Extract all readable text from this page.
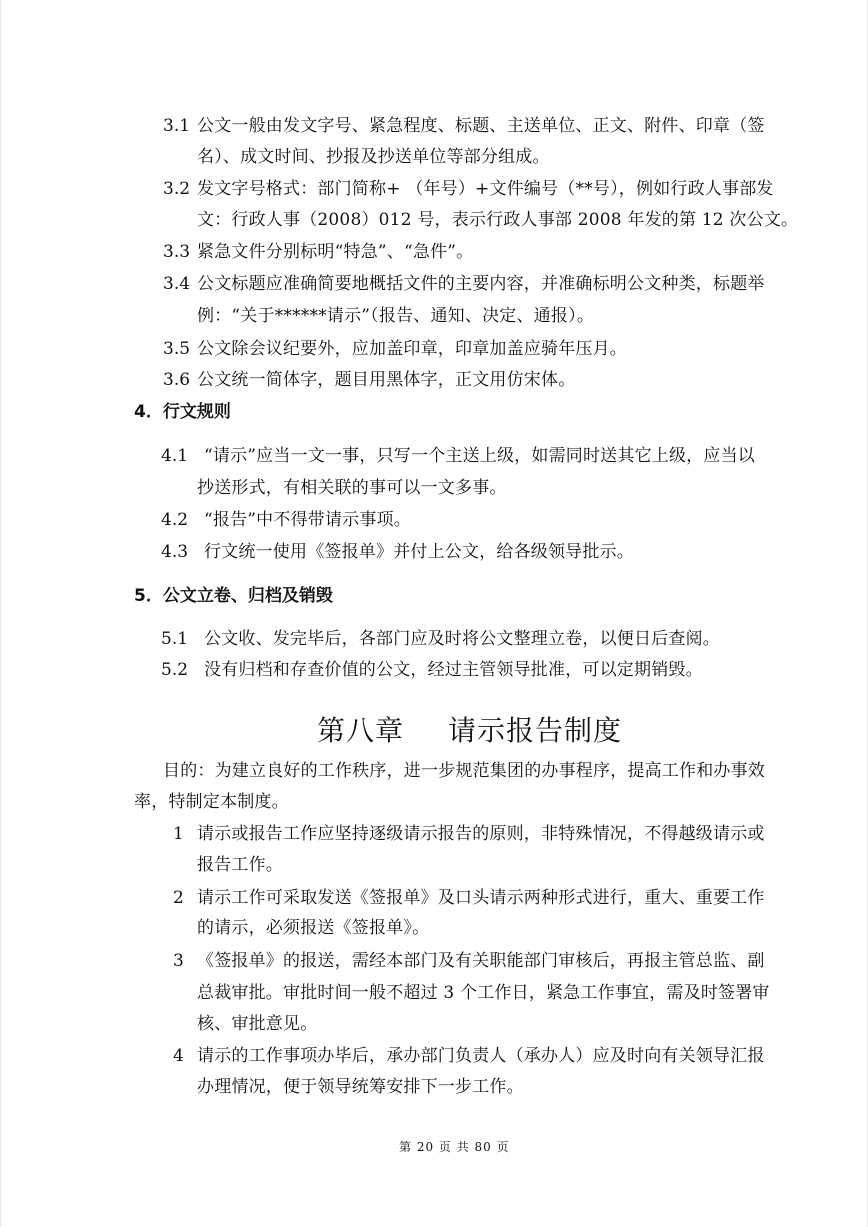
3.1 公文一般由发文字号、紧急程度、标题、主送单位、正文、附件、印章（签
名）、成文时间、抄报及抄送单位等部分组成。
3.2 发文字号格式：部门简称+ （年号）+文件编号（**号），例如行政人事部发
文：行政人事（2008）012 号，表示行政人事部 2008 年发的第 12 次公文。
3.3 紧急文件分别标明“特急”、“急件”。
3.4 公文标题应准确简要地概括文件的主要内容，并准确标明公文种类，标题举
例：“关于******请示”（报告、通知、决定、通报）。
3.5 公文除会议纪要外，应加盖印章，印章加盖应骑年压月。
3.6 公文统一简体字，题目用黑体字，正文用仿宋体。
4．行文规则
4.1 “请示”应当一文一事，只写一个主送上级，如需同时送其它上级，应当以
抄送形式，有相关联的事可以一文多事。
4.2 “报告”中不得带请示事项。
4.3 行文统一使用《签报单》并付上公文，给各级领导批示。
5．公文立卷、归档及销毁
5.1 公文收、发完毕后，各部门应及时将公文整理立卷，以便日后查阅。
5.2 没有归档和存查价值的公文，经过主管领导批准，可以定期销毁。
第八章 请示报告制度
目的：为建立良好的工作秩序，进一步规范集团的办事程序，提高工作和办事效
率，特制定本制度。
1 请示或报告工作应坚持逐级请示报告的原则，非特殊情况，不得越级请示或
报告工作。
2 请示工作可采取发送《签报单》及口头请示两种形式进行，重大、重要工作
的请示，必须报送《签报单》。
3 《签报单》的报送，需经本部门及有关职能部门审核后，再报主管总监、副
总裁审批。审批时间一般不超过 3 个工作日，紧急工作事宜，需及时签署审
核、审批意见。
4 请示的工作事项办毕后，承办部门负责人（承办人）应及时向有关领导汇报
办理情况，便于领导统筹安排下一步工作。
第 20 页 共 80 页
